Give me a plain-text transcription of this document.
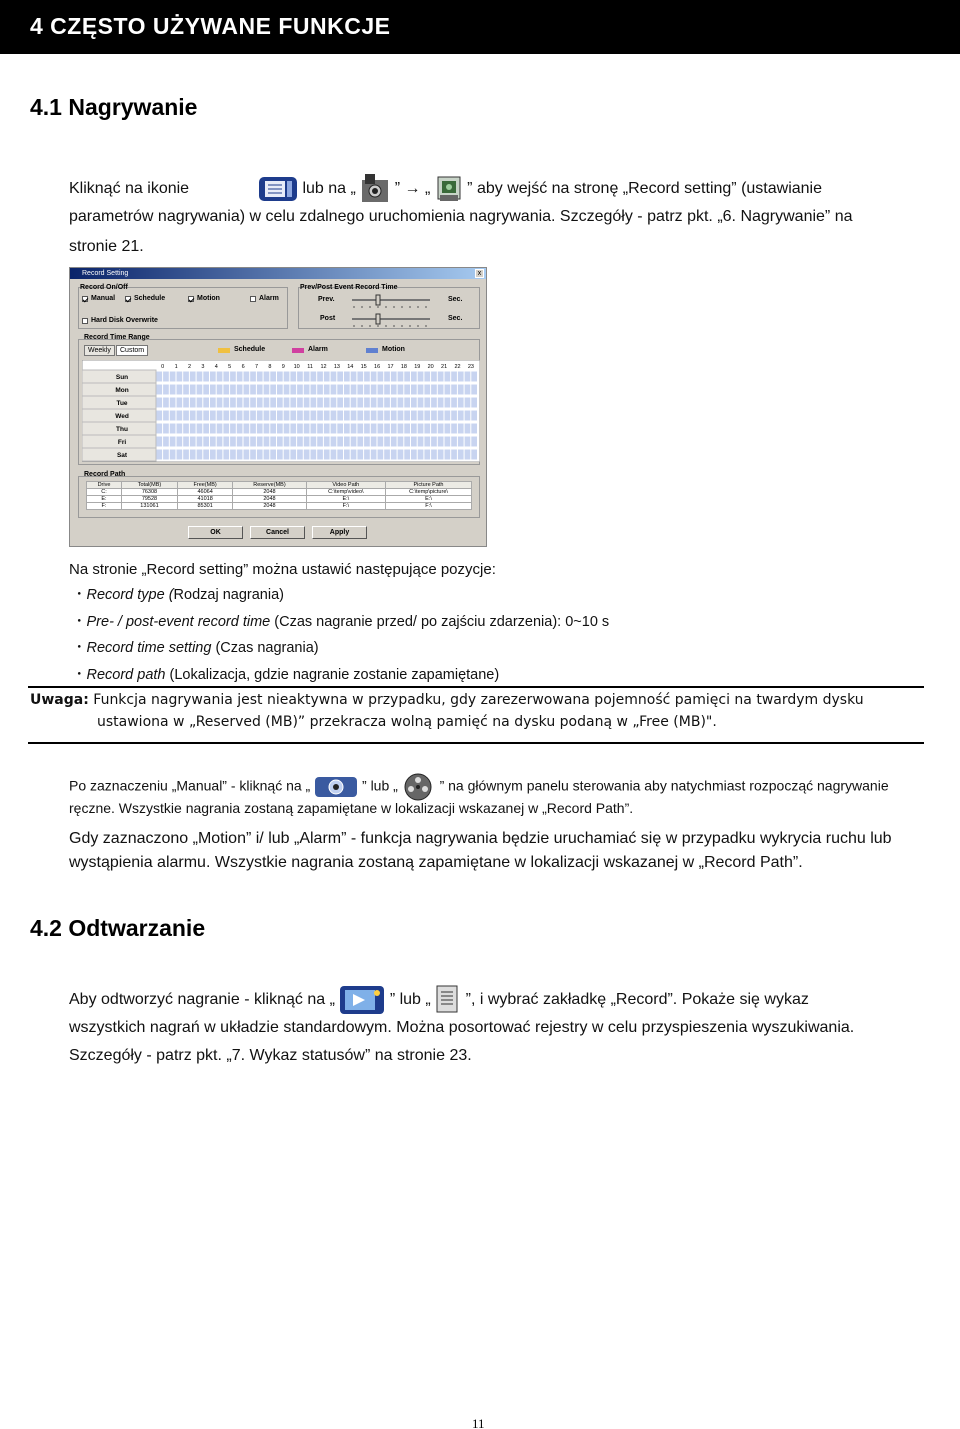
4 CZĘSTO UŻYWANE FUNKCJE
4.1 Nagrywanie
Kliknąć na ikonie	lub na „ ” → „ ” aby wejść na stronę „Record setting” (ustawianie
parametrów nagrywania) w celu zdalnego uruchomienia nagrywania. Szczegóły - patrz pkt. „6. Nagrywanie” na
stronie 21.
Record Setting	x
Record On/Off
Manual	Schedule	Motion	Alarm
Hard Disk Overwrite
Prev/Post Event Record Time
Prev.	Sec.
Post	Sec.
Record Time Range
Weekly	Custom	Schedule	Alarm	Motion
0 1 2 3 4 5 6 7 8 9 10 11 12 13 14 15 16 17 18 19 20 21 22 23
Sun
Mon
Tue
Wed
Thu
Fri
Sat
Record Path
Drive	Total(MB)	Free(MB)	Reserve(MB)	Video Path	Picture Path
C:	76308	46064	2048	C:\temp\video\	C:\temp\picture\
E:	79528	41018	2048	E:\	E:\
F:	131061	85301	2048	F:\	F:\
OK	Cancel	Apply
Na stronie „Record setting” można ustawić następujące pozycje:
・Record type (Rodzaj nagrania)
・Pre- / post-event record time (Czas nagranie przed/ po zajściu zdarzenia): 0~10 s
・Record time setting (Czas nagrania)
・Record path (Lokalizacja, gdzie nagranie zostanie zapamiętane)
Uwaga: Funkcja nagrywania jest nieaktywna w przypadku, gdy zarezerwowana pojemność pamięci na twardym dysku
ustawiona w „Reserved (MB)” przekracza wolną pamięć na dysku podaną w „Free (MB)".
Po zaznaczeniu „Manual” - kliknąć na „	” lub „	” na głównym panelu sterowania aby natychmiast rozpocząć nagrywanie
ręczne. Wszystkie nagrania zostaną zapamiętane w lokalizacji wskazanej w „Record Path”.
Gdy zaznaczono „Motion” i/ lub „Alarm” - funkcja nagrywania będzie uruchamiać się w przypadku wykrycia ruchu lub
wystąpienia alarmu. Wszystkie nagrania zostaną zapamiętane w lokalizacji wskazanej w „Record Path”.
4.2 Odtwarzanie
Aby odtworzyć nagranie - kliknąć na „	” lub „ ”, i wybrać zakładkę „Record”. Pokaże się wykaz
wszystkich nagrań w układzie standardowym. Można posortować rejestry w celu przyspieszenia wyszukiwania.
Szczegóły - patrz pkt. „7. Wykaz statusów” na stronie 23.
11
